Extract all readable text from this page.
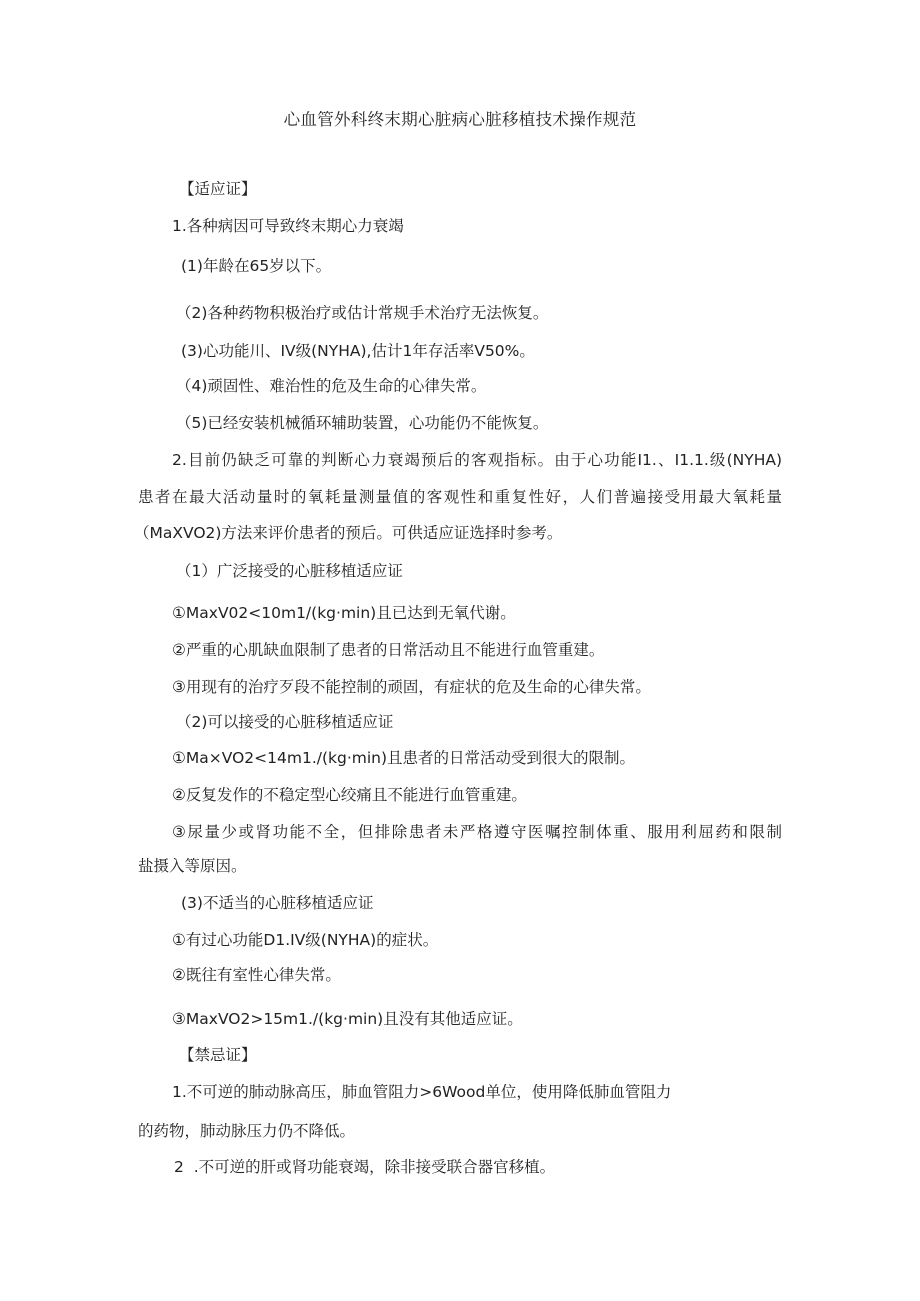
心血管外科终末期心脏病心脏移植技术操作规范
【适应证】
1.各种病因可导致终末期心力衰竭
(1)年龄在65岁以下。
（2)各种药物积极治疗或估计常规手术治疗无法恢复。
(3)心功能川、IV级(NYHA),估计1年存活率V50%。
（4)顽固性、难治性的危及生命的心律失常。
（5)已经安装机械循环辅助装置，心功能仍不能恢复。
2.目前仍缺乏可靠的判断心力衰竭预后的客观指标。由于心功能I1.、I1.1.级(NYHA)
患者在最大活动量时的氧耗量测量值的客观性和重复性好，人们普遍接受用最大氧耗量
（MaXVO2)方法来评价患者的预后。可供适应证选择时参考。
（1）广泛接受的心脏移植适应证
①MaxV02<10m1∕(kg·min)且已达到无氧代谢。
②严重的心肌缺血限制了患者的日常活动且不能进行血管重建。
③用现有的治疗歹段不能控制的顽固，有症状的危及生命的心律失常。
（2)可以接受的心脏移植适应证
①Ma×VO2<14m1./(kg·min)且患者的日常活动受到很大的限制。
②反复发作的不稳定型心绞痛且不能进行血管重建。
③尿量少或肾功能不全，但排除患者未严格遵守医嘱控制体重、服用利屈药和限制
盐摄入等原因。
(3)不适当的心脏移植适应证
①有过心功能D1.IV级(NYHA)的症状。
②既往有室性心律失常。
③MaxVO2>15m1./(kg·min)且没有其他适应证。
【禁忌证】
1.不可逆的肺动脉高压，肺血管阻力>6Wood单位，使用降低肺血管阻力
的药物，肺动脉压力仍不降低。
2  .不可逆的肝或肾功能衰竭，除非接受联合器官移植。
